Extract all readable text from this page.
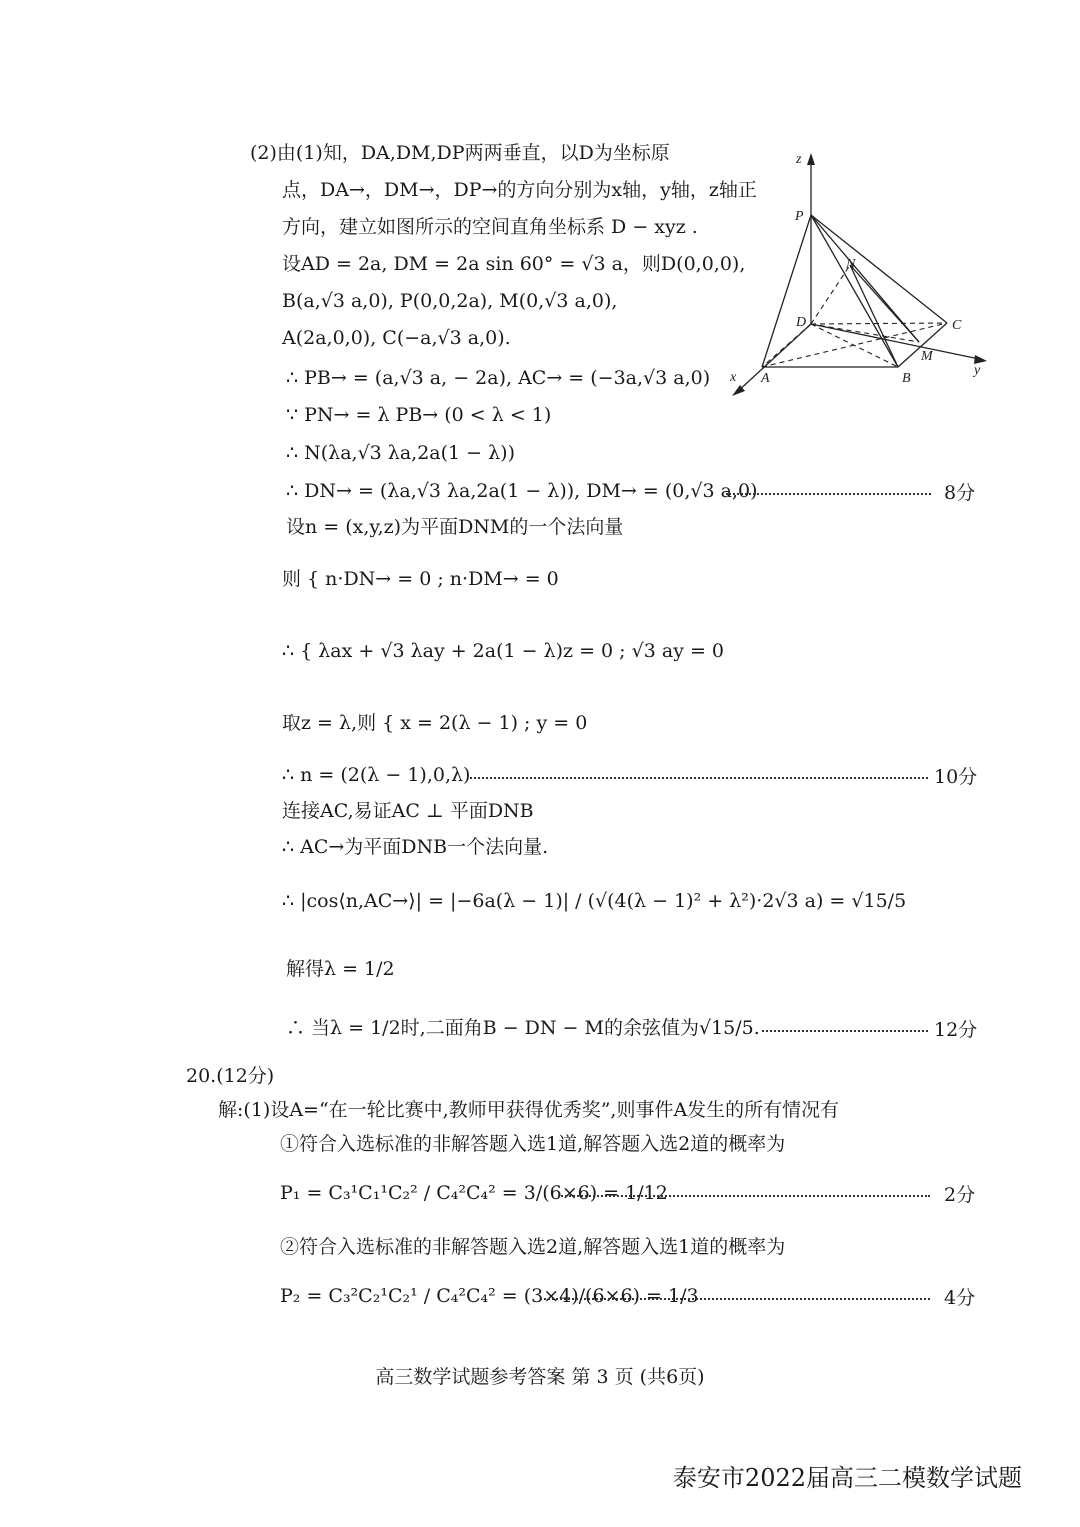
(2)由(1)知，DA,DM,DP两两垂直，以D为坐标原
点，DA→，DM→，DP→的方向分别为x轴，y轴，z轴正
方向，建立如图所示的空间直角坐标系 D − xyz .
设AD = 2a, DM = 2a sin 60° = √3 a，则D(0,0,0),
B(a,√3 a,0), P(0,0,2a), M(0,√3 a,0),
A(2a,0,0), C(−a,√3 a,0).
∴ PB→ = (a,√3 a, − 2a), AC→ = (−3a,√3 a,0)
∵ PN→ = λ PB→ (0 < λ < 1)
∴ N(λa,√3 λa,2a(1 − λ))
∴ DN→ = (λa,√3 λa,2a(1 − λ)), DM→ = (0,√3 a,0)	8分
设n = (x,y,z)为平面DNM的一个法向量
则 { n·DN→ = 0 ; n·DM→ = 0
∴ { λax + √3 λay + 2a(1 − λ)z = 0 ; √3 ay = 0
取z = λ,则 { x = 2(λ − 1) ; y = 0
∴ n = (2(λ − 1),0,λ)	10分
连接AC,易证AC ⊥ 平面DNB
∴ AC→为平面DNB一个法向量.
∴ |cos⟨n,AC→⟩| = |−6a(λ − 1)| / (√(4(λ − 1)² + λ²)·2√3 a) = √15/5
解得λ = 1/2
∴ 当λ = 1/2时,二面角B − DN − M的余弦值为√15/5.	12分
z
P
N
D	C
M
x A	B
y
20.(12分)
解:(1)设A=“在一轮比赛中,教师甲获得优秀奖”,则事件A发生的所有情况有
①符合入选标准的非解答题入选1道,解答题入选2道的概率为
P₁ = C₃¹C₁¹C₂² / C₄²C₄² = 3/(6×6) = 1/12	2分
②符合入选标准的非解答题入选2道,解答题入选1道的概率为
P₂ = C₃²C₂¹C₂¹ / C₄²C₄² = (3×4)/(6×6) = 1/3	4分
高三数学试题参考答案 第 3 页 (共6页)
泰安市2022届高三二模数学试题
